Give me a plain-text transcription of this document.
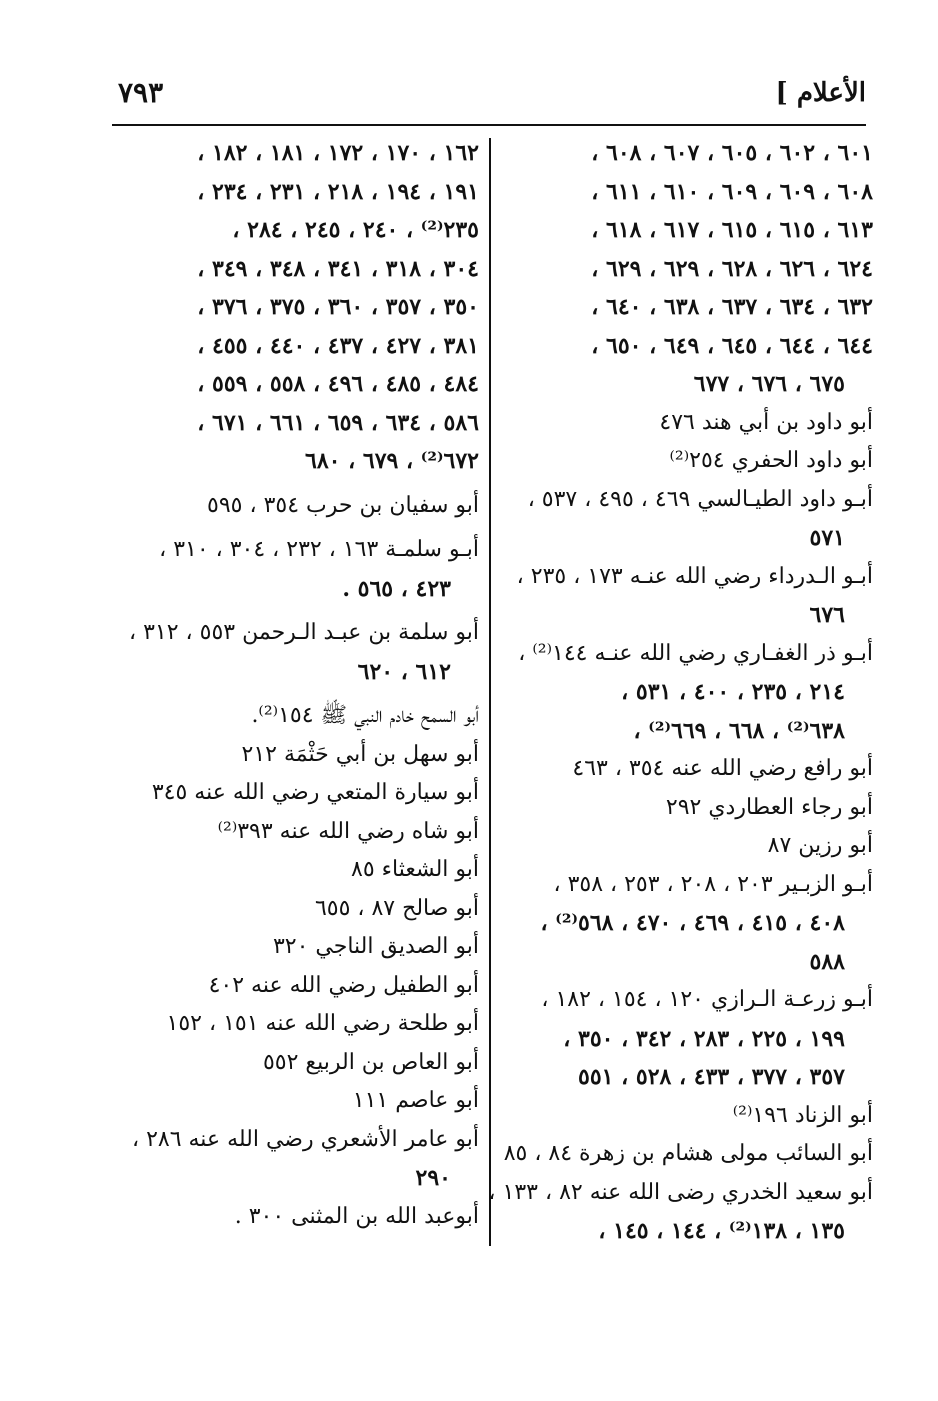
الأعلام ]
٧٩٣
٦٠١ ، ٦٠٢ ، ٦٠٥ ، ٦٠٧ ، ٦٠٨ ،
٦٠٨ ، ٦٠٩ ، ٦٠٩ ، ٦١٠ ، ٦١١ ،
٦١٣ ، ٦١٥ ، ٦١٥ ، ٦١٧ ، ٦١٨ ،
٦٢٤ ، ٦٢٦ ، ٦٢٨ ، ٦٢٩ ، ٦٢٩ ،
٦٣٢ ، ٦٣٤ ، ٦٣٧ ، ٦٣٨ ، ٦٤٠ ،
٦٤٤ ، ٦٤٤ ، ٦٤٥ ، ٦٤٩ ، ٦٥٠ ،
٦٧٥ ، ٦٧٦ ، ٦٧٧
أبو داود بن أبي هند ٤٧٦
أبو داود الحفري ٢٥٤⁽²⁾
أبـو داود الطيـالسي ٤٦٩ ، ٤٩٥ ، ٥٣٧ ،
٥٧١
أبـو الـدرداء رضي الله عنـه ١٧٣ ، ٢٣٥ ،
٦٧٦
أبـو ذر الغفـاري رضي الله عنـه ١٤٤⁽²⁾ ،
٢١٤ ، ٢٣٥ ، ٤٠٠ ، ٥٣١ ،
٦٣٨⁽²⁾ ، ٦٦٨ ، ٦٦٩⁽²⁾ ،
أبو رافع رضي الله عنه ٣٥٤ ، ٤٦٣
أبو رجاء العطاردي ٢٩٢
أبو رزين ٨٧
أبـو الزبـير ٢٠٣ ، ٢٠٨ ، ٢٥٣ ، ٣٥٨ ،
٤٠٨ ، ٤١٥ ، ٤٦٩ ، ٤٧٠ ، ٥٦٨⁽²⁾ ،
٥٨٨
أبـو زرعـة الـرازي ١٢٠ ، ١٥٤ ، ١٨٢ ،
١٩٩ ، ٢٢٥ ، ٢٨٣ ، ٣٤٢ ، ٣٥٠ ،
٣٥٧ ، ٣٧٧ ، ٤٣٣ ، ٥٢٨ ، ٥٥١
أبو الزناد ١٩٦⁽²⁾
أبو السائب مولى هشام بن زهرة ٨٤ ، ٨٥
أبو سعيد الخدري رضى الله عنه ٨٢ ، ١٣٣ ،
١٣٥ ، ١٣٨⁽²⁾ ، ١٤٤ ، ١٤٥ ،
١٦٢ ، ١٧٠ ، ١٧٢ ، ١٨١ ، ١٨٢ ،
١٩١ ، ١٩٤ ، ٢١٨ ، ٢٣١ ، ٢٣٤ ،
٢٣٥⁽²⁾ ، ٢٤٠ ، ٢٤٥ ، ٢٨٤ ،
٣٠٤ ، ٣١٨ ، ٣٤١ ، ٣٤٨ ، ٣٤٩ ،
٣٥٠ ، ٣٥٧ ، ٣٦٠ ، ٣٧٥ ، ٣٧٦ ،
٣٨١ ، ٤٢٧ ، ٤٣٧ ، ٤٤٠ ، ٤٥٥ ،
٤٨٤ ، ٤٨٥ ، ٤٩٦ ، ٥٥٨ ، ٥٥٩ ،
٥٨٦ ، ٦٣٤ ، ٦٥٩ ، ٦٦١ ، ٦٧١ ،
٦٧٢⁽²⁾ ، ٦٧٩ ، ٦٨٠
أبو سفيان بن حرب ٣٥٤ ، ٥٩٥
أبـو سلمـة ١٦٣ ، ٢٣٢ ، ٣٠٤ ، ٣١٠ ،
٤٢٣ ، ٥٦٥ .
أبو سلمة بن عبـد الـرحمن ٥٥٣ ، ٣١٢ ،
٦١٢ ، ٦٢٠
أبو السمح خادم النبي ﷺ ١٥٤⁽²⁾.
أبو سهل بن أبي حَثْمَة ٢١٢
أبو سيارة المتعي رضي الله عنه ٣٤٥
أبو شاه رضي الله عنه ٣٩٣⁽²⁾
أبو الشعثاء ٨٥
أبو صالح ٨٧ ، ٦٥٥
أبو الصديق الناجي ٣٢٠
أبو الطفيل رضي الله عنه ٤٠٢
أبو طلحة رضي الله عنه ١٥١ ، ١٥٢
أبو العاص بن الربيع ٥٥٢
أبو عاصم ١١١
أبو عامر الأشعري رضي الله عنه ٢٨٦ ،
٢٩٠
أبوعبد الله بن المثنى ٣٠٠ .
